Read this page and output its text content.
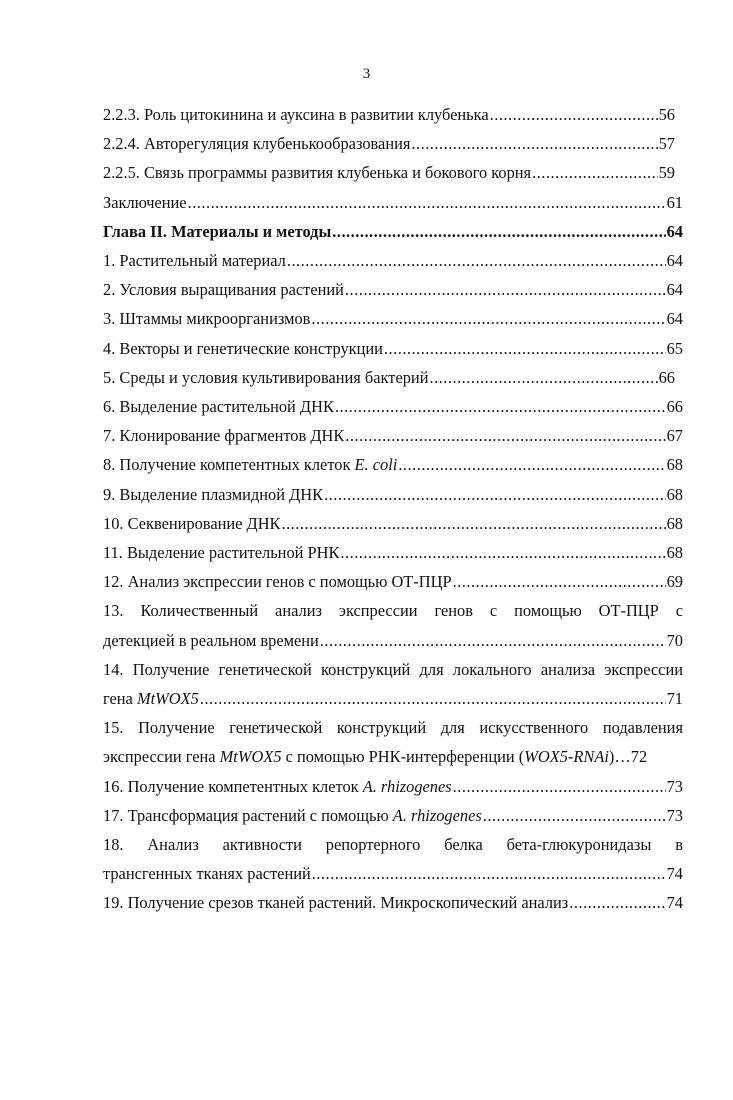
3
2.2.3. Роль цитокинина и ауксина в развитии клубенька .....	56
2.2.4. Авторегуляция клубенькообразования .....	57
2.2.5. Связь программы развития клубенька и бокового корня .....	59
Заключение .....	61
Глава II. Материалы и методы .....	64
1. Растительный материал .....	64
2. Условия выращивания растений .....	64
3. Штаммы микроорганизмов .....	64
4. Векторы и генетические конструкции .....	65
5. Среды и условия культивирования бактерий .....	66
6. Выделение растительной ДНК .....	66
7. Клонирование фрагментов ДНК .....	67
8. Получение компетентных клеток E. coli .....	68
9. Выделение плазмидной ДНК .....	68
10. Секвенирование ДНК .....	68
11. Выделение растительной РНК .....	68
12. Анализ экспрессии генов с помощью ОТ-ПЦР .....	69
13. Количественный анализ экспрессии генов с помощью ОТ-ПЦР с
детекцией в реальном времени .....	70
14. Получение генетической конструкций для локального анализа экспрессии
гена MtWOX5 .....	71
15. Получение генетической конструкций для искусственного подавления
экспрессии гена MtWOX5 с помощью РНК-интерференции (WOX5-RNAi)… 72
16. Получение компетентных клеток A. rhizogenes .....	73
17. Трансформация растений с помощью A. rhizogenes .....	73
18. Анализ активности репортерного белка бета-глюкуронидазы в
трансгенных тканях растений .....	74
19. Получение срезов тканей растений. Микроскопический анализ .....	74
